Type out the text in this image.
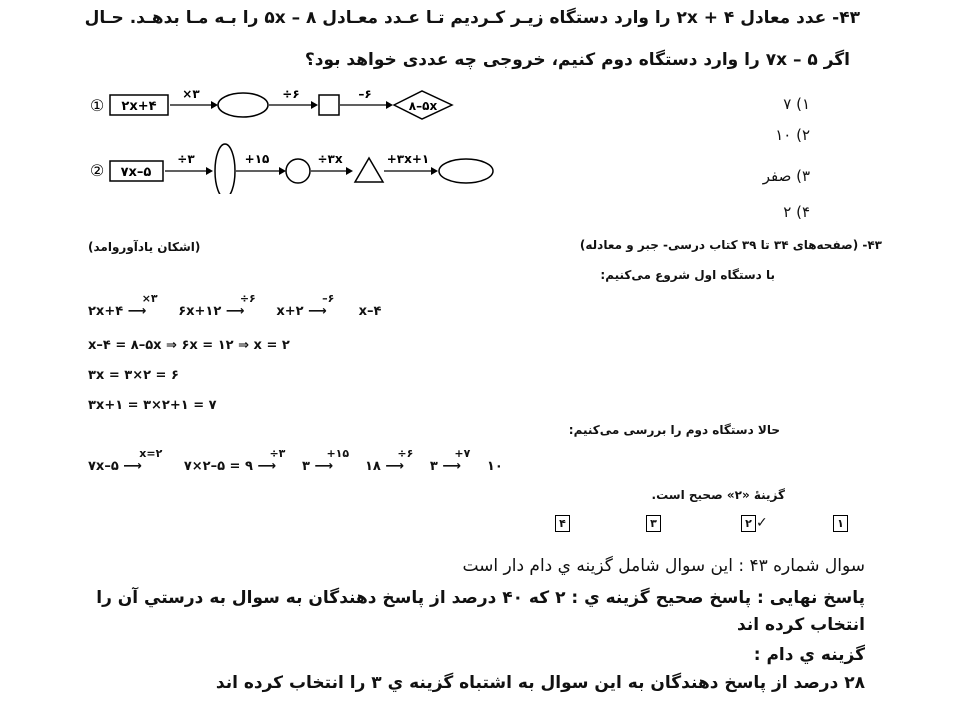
۴۳- عدد معادل ۴ + ۲x را وارد دستگاه زیـر کـردیم تـا عـدد معـادل ۵x – ۸ را بـه مـا بدهـد. حـال
اگر ۵ – ۷x را وارد دستگاه دوم کنیم، خروجی چه عددی خواهد بود؟
① ۲x+۴
×۳	÷۶	–۶
۸–۵x
② ۷x–۵
÷۳	+۱۵	÷۳x	+۳x+۱
۱) ۷
۲) ۱۰
۳) صفر
۴) ۲
(اشکان یادآوروامد)	۴۳- (صفحه‌های ۳۴ تا ۳۹ کتاب درسی- جبر و معادله)
با دستگاه اول شروع می‌کنیم:
۲x+۴
×۳
⟶ ۶x+۱۲
÷۶
⟶ x+۲
–۶
⟶ x–۴
x–۴ = ۸–۵x ⇒ ۶x = ۱۲ ⇒ x = ۲
۳x = ۳×۲ = ۶
۳x+۱ = ۳×۲+۱ = ۷
حالا دستگاه دوم را بررسی می‌کنیم:
۷x–۵
x=۲
⟶	۷×۲–۵ = ۹
÷۳
⟶ ۳
+۱۵
⟶ ۱۸
÷۶
⟶ ۳
+۷
⟶ ۱۰
گزینهٔ «۲» صحیح است.
۴	۳	۲ ✓	۱
سوال شماره ۴۳ : این سوال شامل گزینه ي دام دار است
پاسخ نهایی : پاسخ صحیح گزینه ي : ۲ که ۴۰ درصد از پاسخ دهندگان به سوال به درستي آن را انتخاب کرده اند
گزینه ي دام :
۲۸ درصد از پاسخ دهندگان به این سوال به اشتباه گزینه ي ۳ را انتخاب کرده اند
